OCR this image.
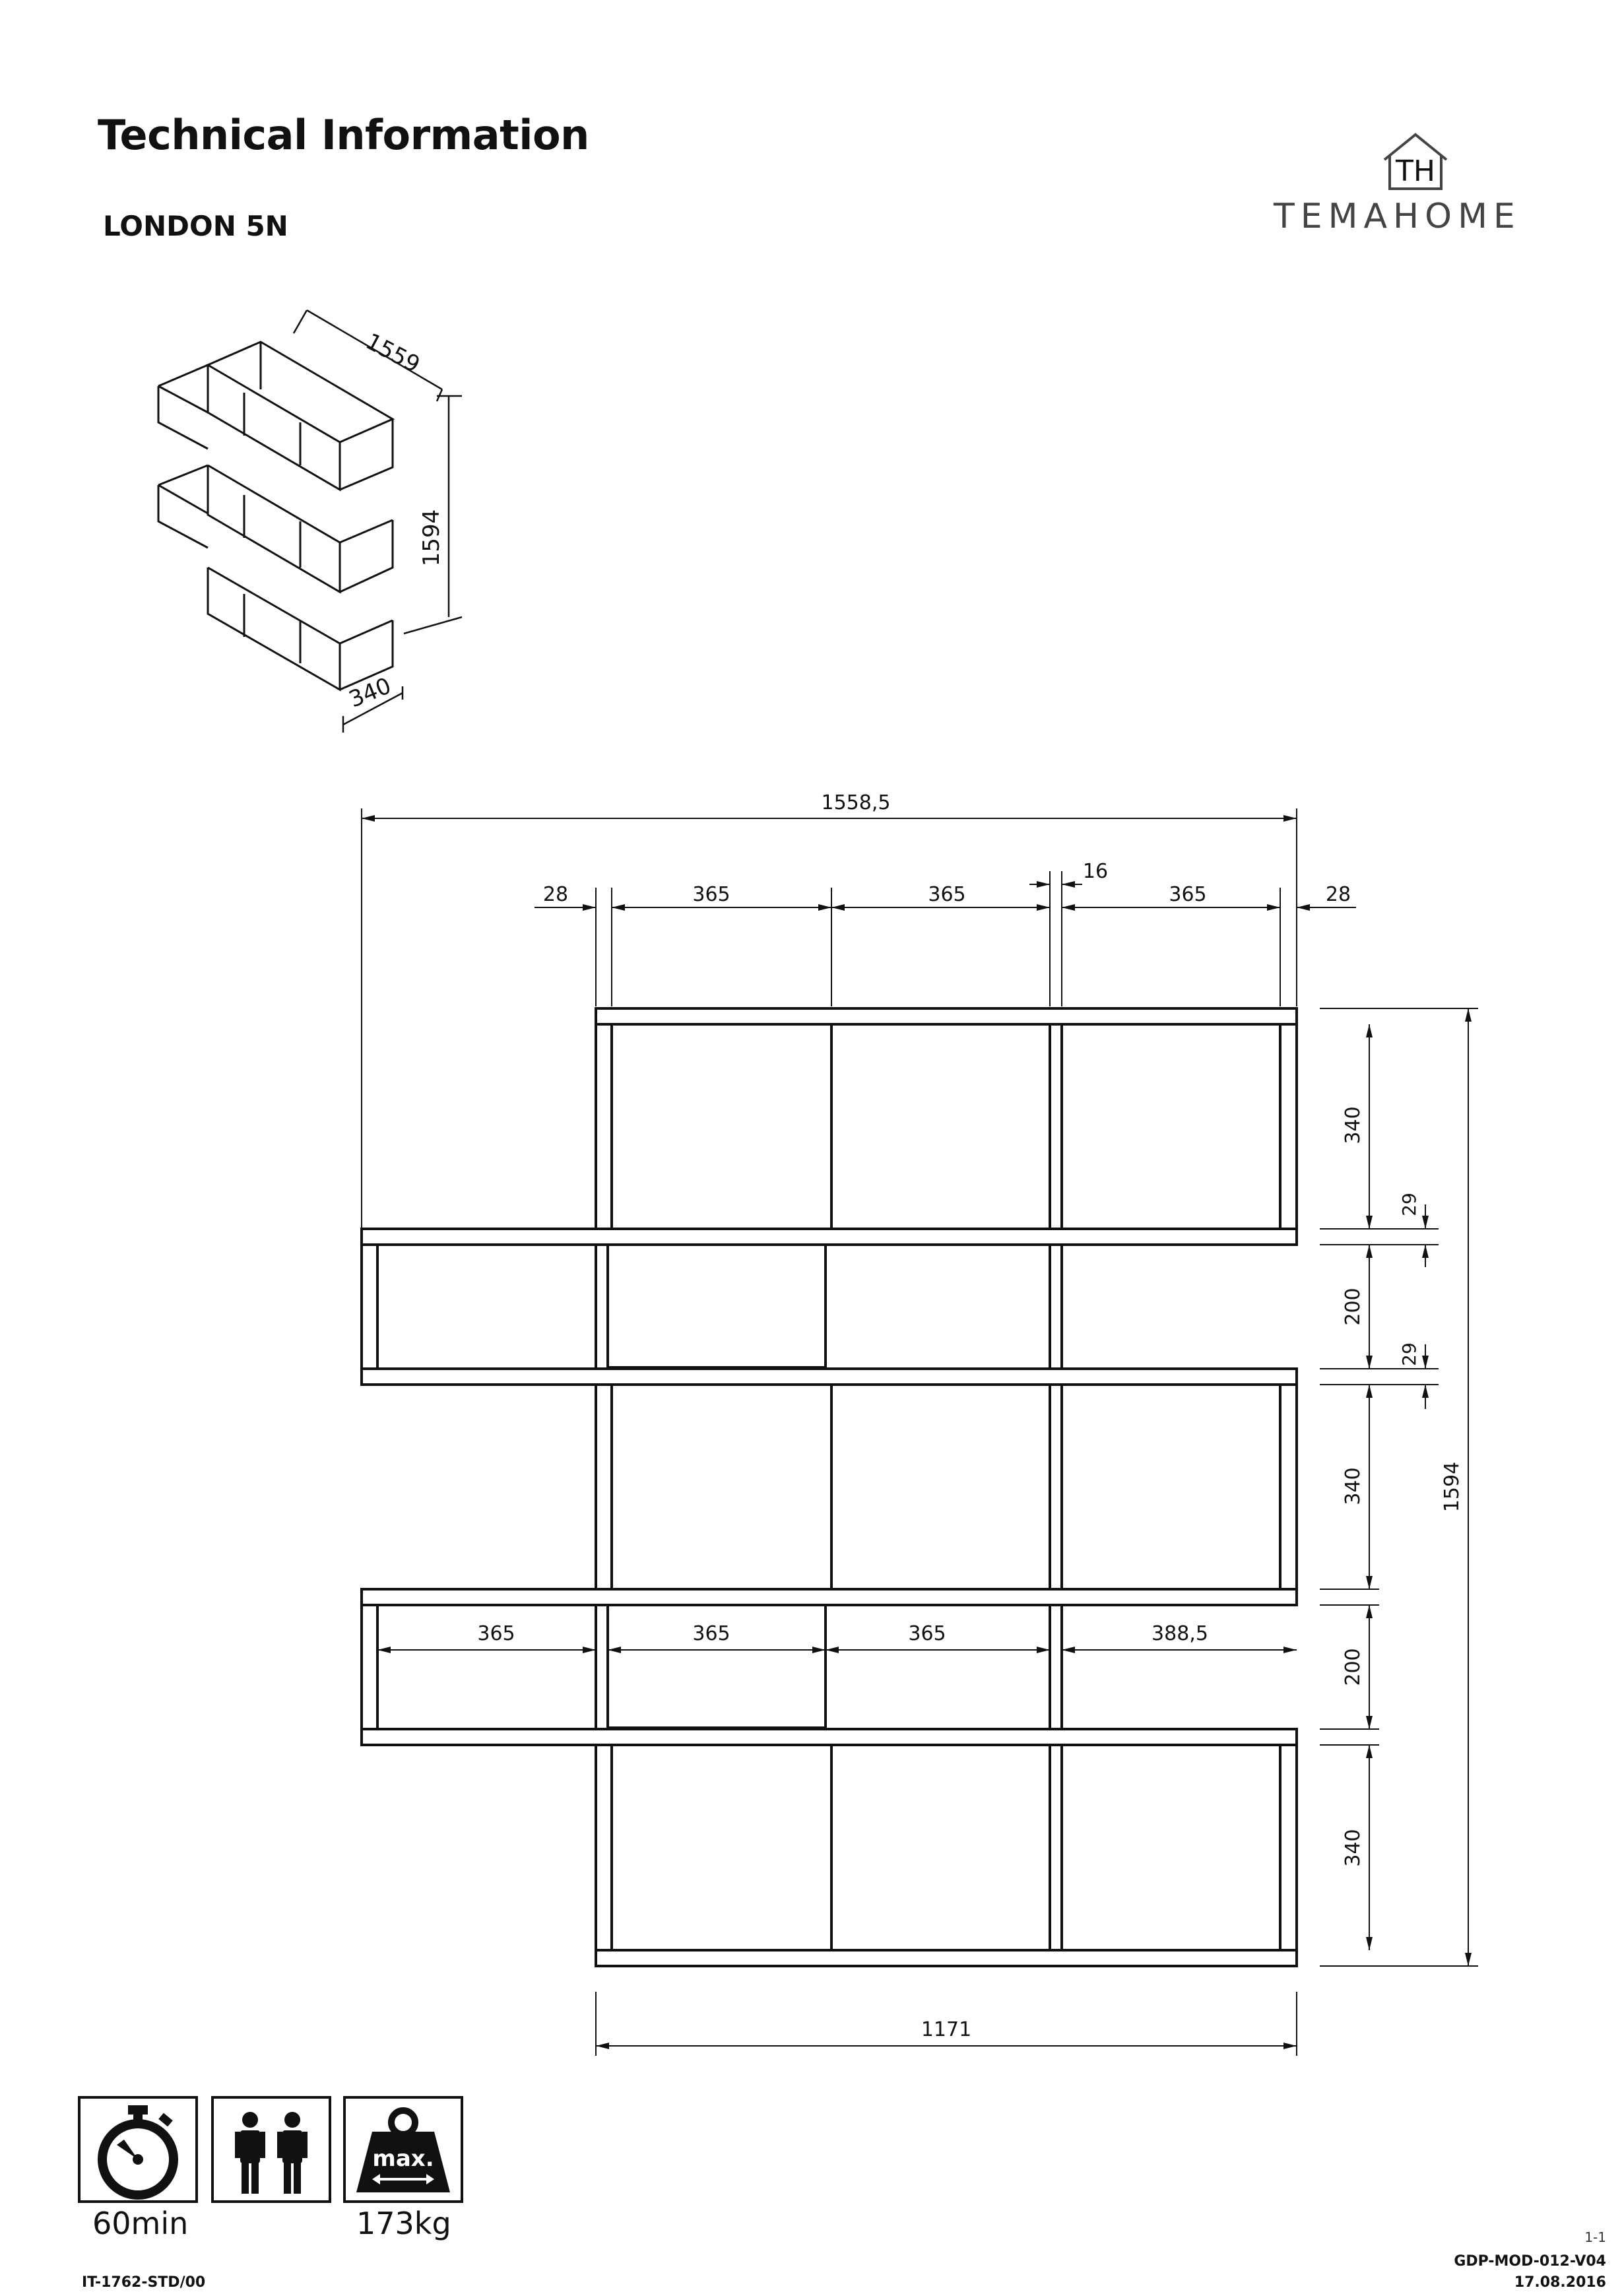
Technical Information
LONDON 5N
TH
TEMAHOME
1559
1594
340
1558,5
28	365	365
16
365	28
340
29
200
29
340
200
340
1594
365	365	365	388,5
1171
max.
60min	173kg	1-1
GDP-MOD-012-V04
17.08.2016
IT-1762-STD/00
